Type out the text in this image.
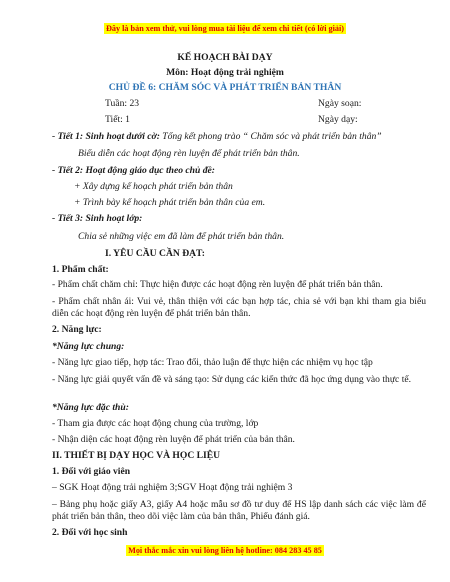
Đây là bản xem thử, vui lòng mua tài liệu để xem chi tiết (có lời giải)
KẾ HOẠCH BÀI DẠY
Môn: Hoạt động trải nghiệm
CHỦ ĐỀ 6: CHĂM SÓC VÀ PHÁT TRIỂN BẢN THÂN
Tuần: 23	Ngày soạn:
Tiết: 1	Ngày dạy:
- Tiết 1: Sinh hoạt dưới cờ: Tổng kết phong trào “ Chăm sóc và phát triển bản thân”
Biểu diễn các hoạt động rèn luyện để phát triển bản thân.
- Tiết 2: Hoạt động giáo dục theo chủ đề:
+ Xây dựng kế hoạch phát triển bản thân
+ Trình bày kế hoạch phát triển bản thân của em.
- Tiết 3: Sinh hoạt lớp:
Chia sẻ những việc em đã làm để phát triển bản thân.
I. YÊU CẦU CẦN ĐẠT:
1. Phẩm chất:
- Phẩm chất chăm chỉ: Thực hiện được các hoạt động rèn luyện để phát triển bản thân.
- Phẩm chất nhân ái: Vui vẻ, thân thiện với các bạn hợp tác, chia sẻ với bạn khi tham gia biểu diễn các hoạt động rèn luyện để phát triển bản thân.
2. Năng lực:
*Năng lực chung:
- Năng lực giao tiếp, hợp tác: Trao đổi, thảo luận để thực hiện các nhiệm vụ học tập
- Năng lực giải quyết vấn đề và sáng tạo: Sử dụng các kiến thức đã học ứng dụng vào thực tế.
*Năng lực đặc thù:
- Tham gia được các hoạt động chung của trường, lớp
- Nhận diện các hoạt động rèn luyện để phát triển của bản thân.
II. THIẾT BỊ DẠY HỌC VÀ HỌC LIỆU
1. Đối với giáo viên
– SGK Hoạt động trải nghiệm 3;SGV Hoạt động trải nghiệm 3
– Bảng phụ hoặc giấy A3, giấy A4 hoặc mẫu sơ đồ tư duy để HS lập danh sách các việc làm để phát triển bản thân, theo dõi việc làm của bản thân, Phiếu đánh giá.
2. Đối với học sinh
Mọi thắc mắc xin vui lòng liên hệ hotline: 084 283 45 85
